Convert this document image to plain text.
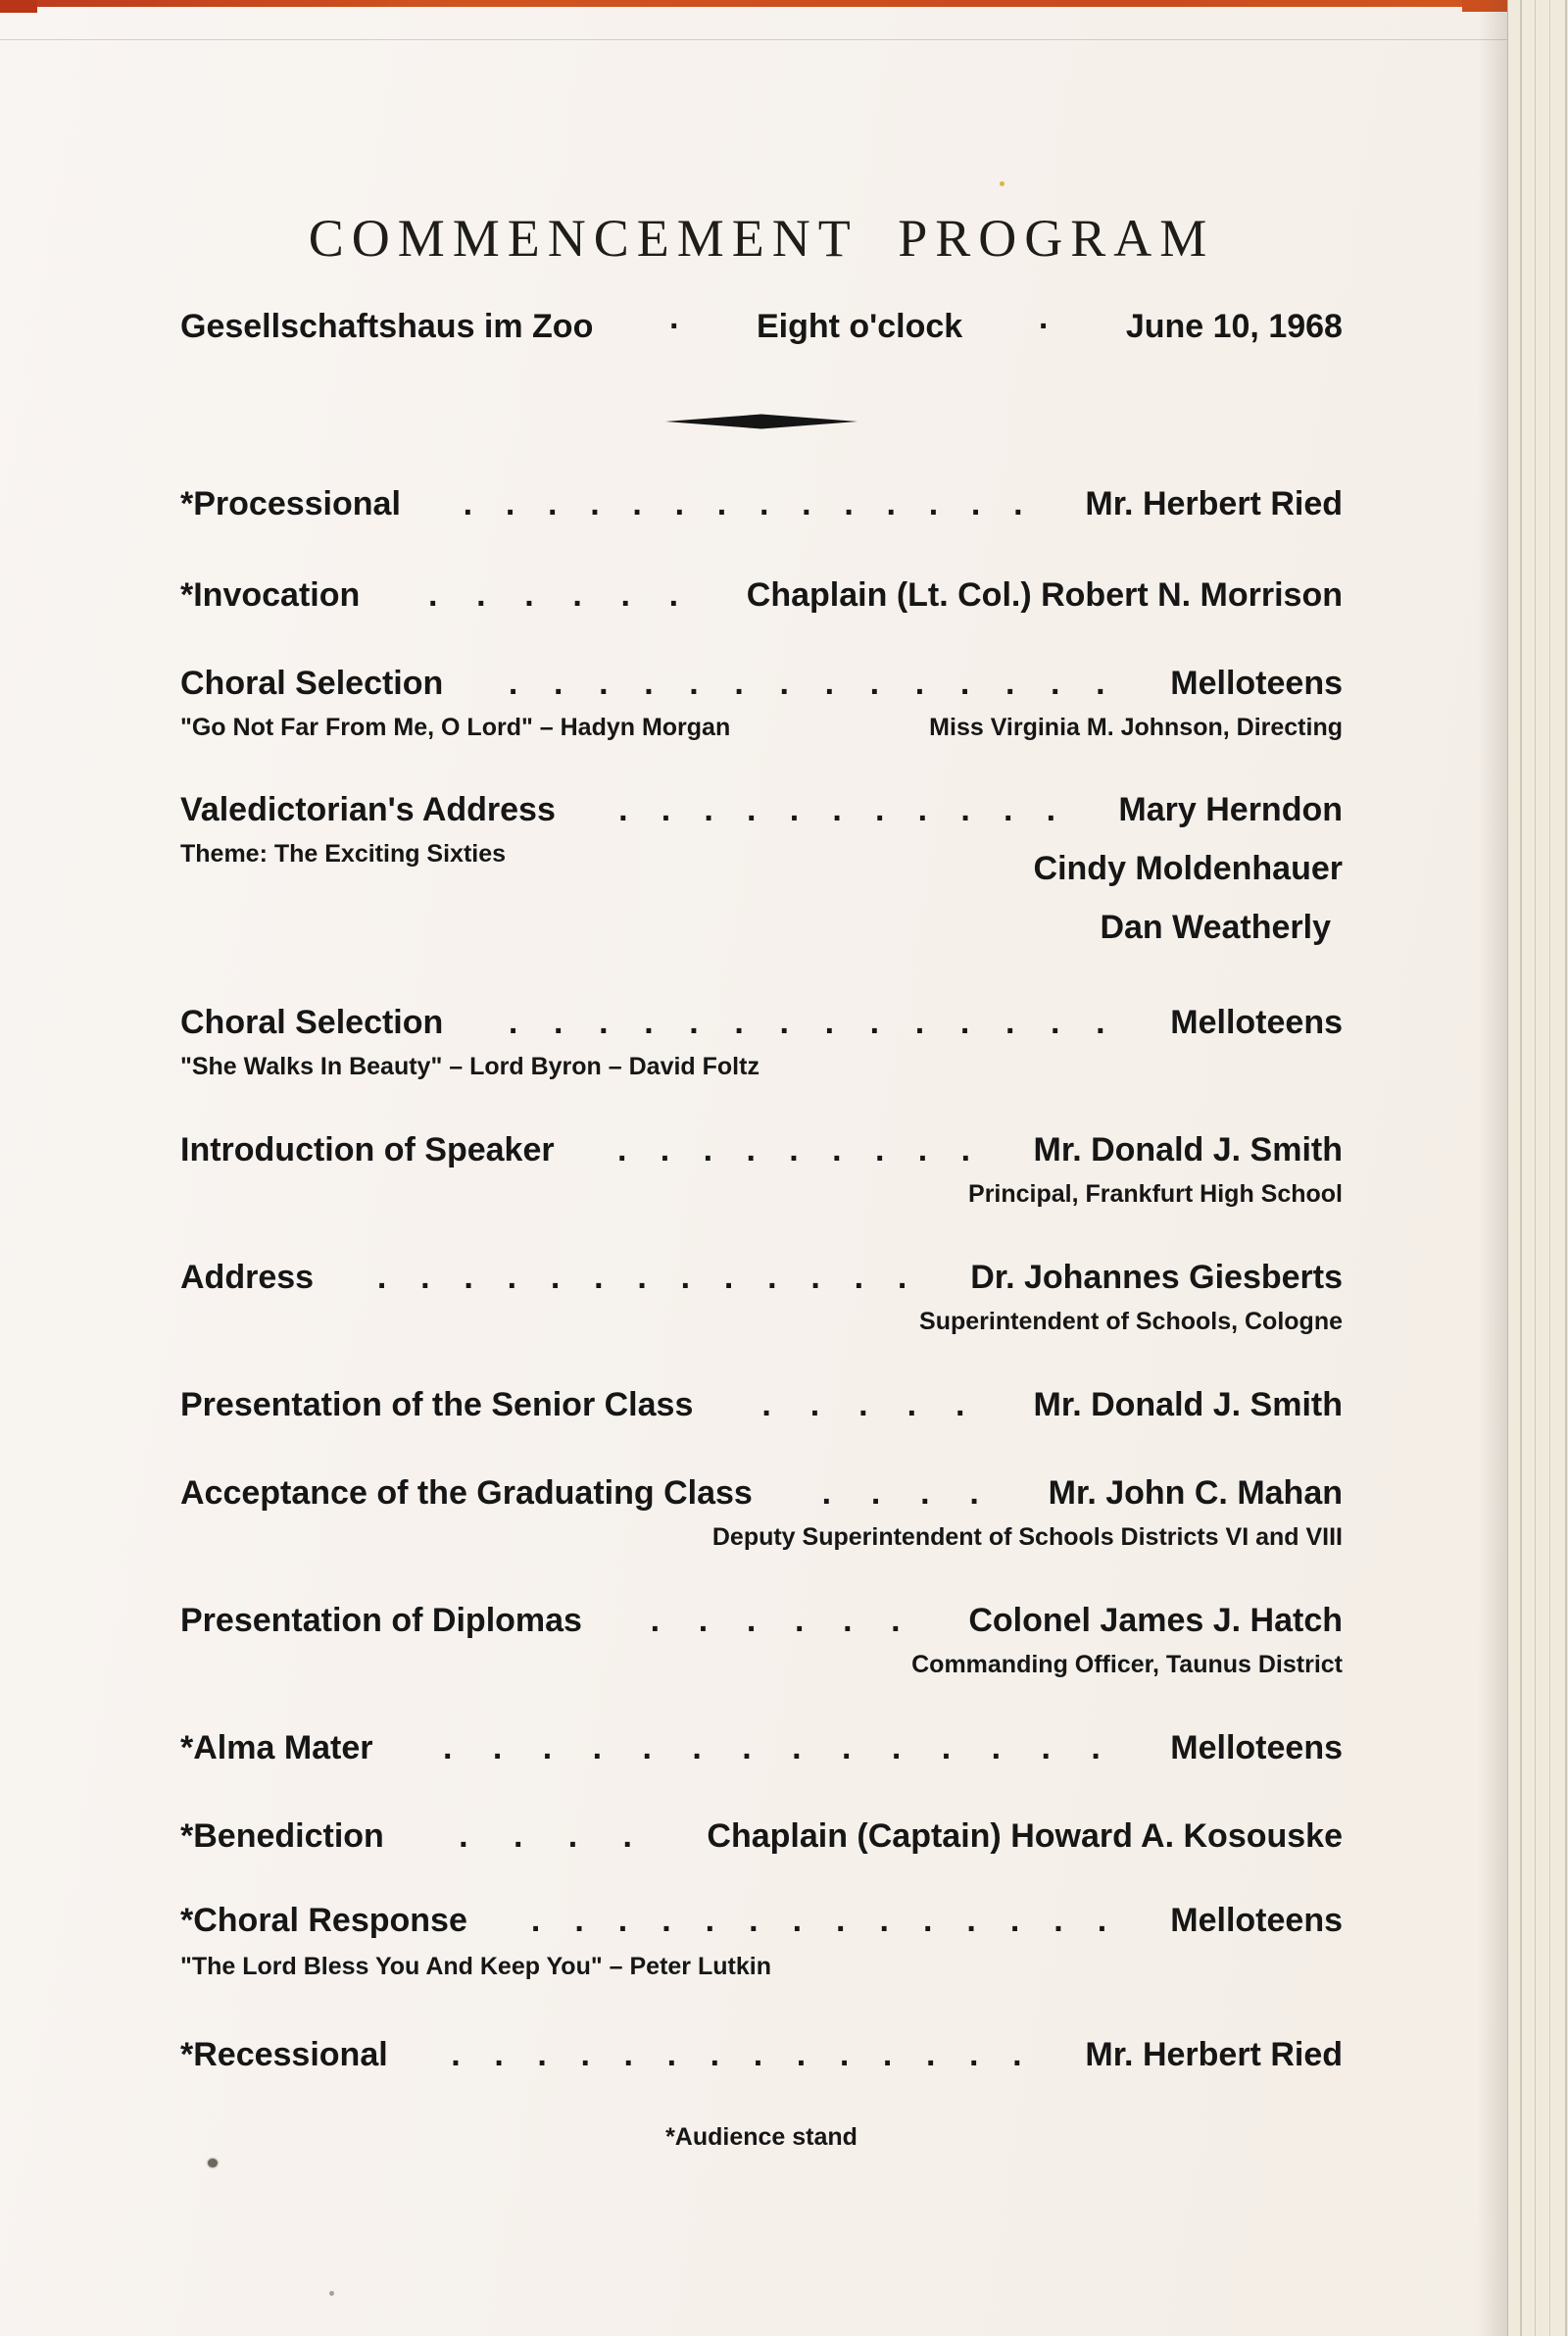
COMMENCEMENT PROGRAM
Gesellschaftshaus im Zoo · Eight o'clock · June 10, 1968
*Processional . . . . . . . . . . . . . . Mr. Herbert Ried
*Invocation . . . . . . Chaplain (Lt. Col.) Robert N. Morrison
Choral Selection . . . . . . . . . . . . . . Melloteens
"Go Not Far From Me, O Lord" – Hadyn Morgan	Miss Virginia M. Johnson, Directing
Valedictorian's Address . . . . . . . . . . . Mary Herndon
Theme: The Exciting Sixties	Cindy Moldenhauer
Dan Weatherly
Choral Selection . . . . . . . . . . . . . . Melloteens
"She Walks In Beauty" – Lord Byron – David Foltz
Introduction of Speaker . . . . . . . . . Mr. Donald J. Smith
Principal, Frankfurt High School
Address . . . . . . . . . . . . . Dr. Johannes Giesberts
Superintendent of Schools, Cologne
Presentation of the Senior Class . . . . . Mr. Donald J. Smith
Acceptance of the Graduating Class . . . . Mr. John C. Mahan
Deputy Superintendent of Schools Districts VI and VIII
Presentation of Diplomas . . . . . . Colonel James J. Hatch
Commanding Officer, Taunus District
*Alma Mater . . . . . . . . . . . . . . Melloteens
*Benediction . . . . Chaplain (Captain) Howard A. Kosouske
*Choral Response . . . . . . . . . . . . . . Melloteens
"The Lord Bless You And Keep You" – Peter Lutkin
*Recessional . . . . . . . . . . . . . . Mr. Herbert Ried
*Audience stand
